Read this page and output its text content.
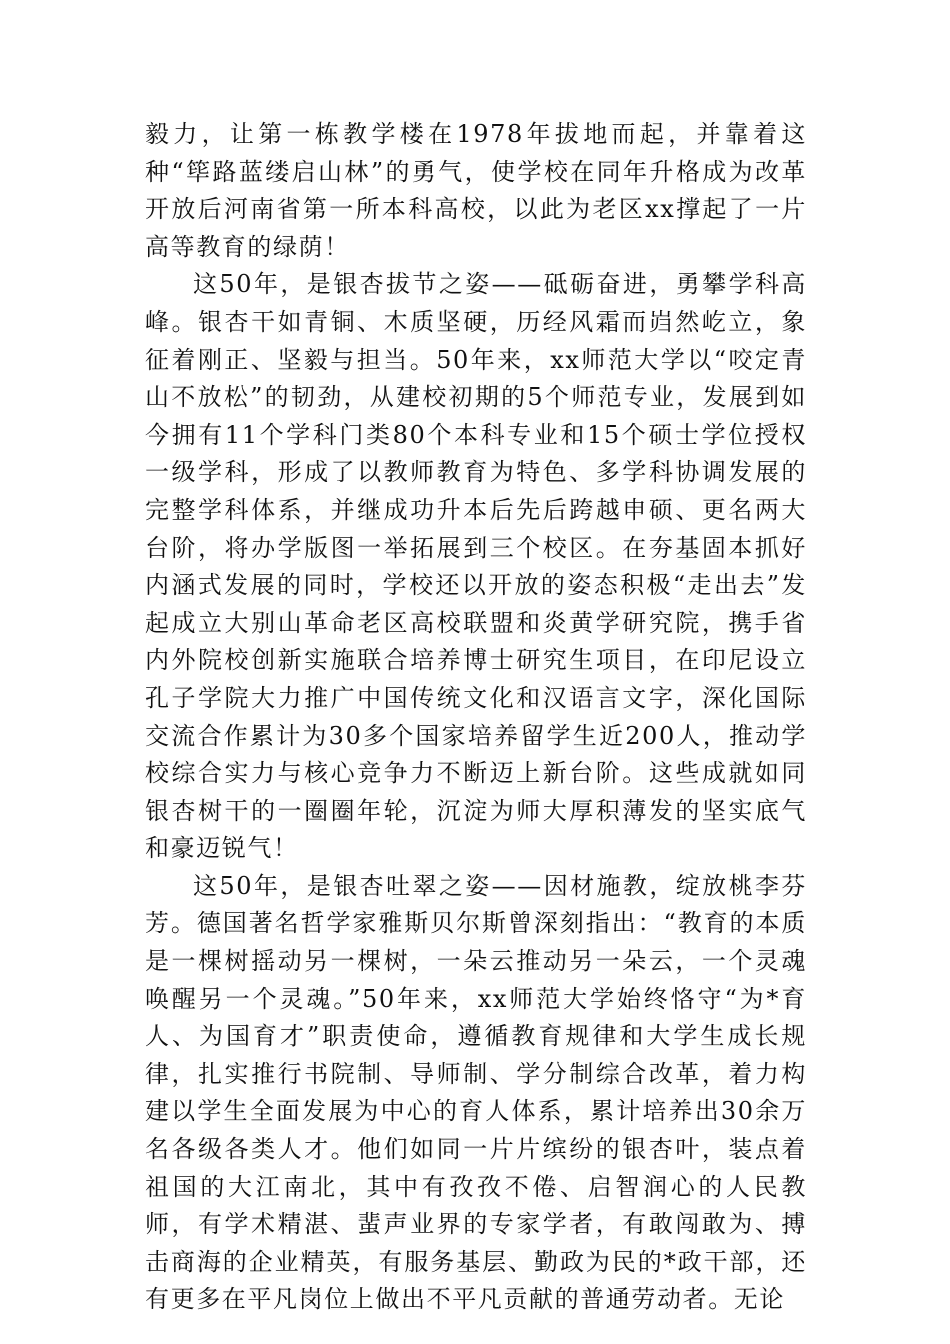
毅力，让第一栋教学楼在1978年拔地而起，并靠着这种“筚路蓝缕启山林”的勇气，使学校在同年升格成为改革开放后河南省第一所本科高校，以此为老区xx撑起了一片高等教育的绿荫！

这50年，是银杏拔节之姿——砥砺奋进，勇攀学科高峰。银杏干如青铜、木质坚硬，历经风霜而岿然屹立，象征着刚正、坚毅与担当。50年来，xx师范大学以“咬定青山不放松”的韧劲，从建校初期的5个师范专业，发展到如今拥有11个学科门类80个本科专业和15个硕士学位授权一级学科，形成了以教师教育为特色、多学科协调发展的完整学科体系，并继成功升本后先后跨越申硕、更名两大台阶，将办学版图一举拓展到三个校区。在夯基固本抓好内涵式发展的同时，学校还以开放的姿态积极“走出去”发起成立大别山革命老区高校联盟和炎黄学研究院，携手省内外院校创新实施联合培养博士研究生项目，在印尼设立孔子学院大力推广中国传统文化和汉语言文字，深化国际交流合作累计为30多个国家培养留学生近200人，推动学校综合实力与核心竞争力不断迈上新台阶。这些成就如同银杏树干的一圈圈年轮，沉淀为师大厚积薄发的坚实底气和豪迈锐气！

这50年，是银杏吐翠之姿——因材施教，绽放桃李芬芳。德国著名哲学家雅斯贝尔斯曾深刻指出：“教育的本质是一棵树摇动另一棵树，一朵云推动另一朵云，一个灵魂唤醒另一个灵魂。”50年来，xx师范大学始终恪守“为*育人、为国育才”职责使命，遵循教育规律和大学生成长规律，扎实推行书院制、导师制、学分制综合改革，着力构建以学生全面发展为中心的育人体系，累计培养出30余万名各级各类人才。他们如同一片片缤纷的银杏叶，装点着祖国的大江南北，其中有孜孜不倦、启智润心的人民教师，有学术精湛、蜚声业界的专家学者，有敢闯敢为、搏击商海的企业精英，有服务基层、勤政为民的*政干部，还有更多在平凡岗位上做出不平凡贡献的普通劳动者。无论
